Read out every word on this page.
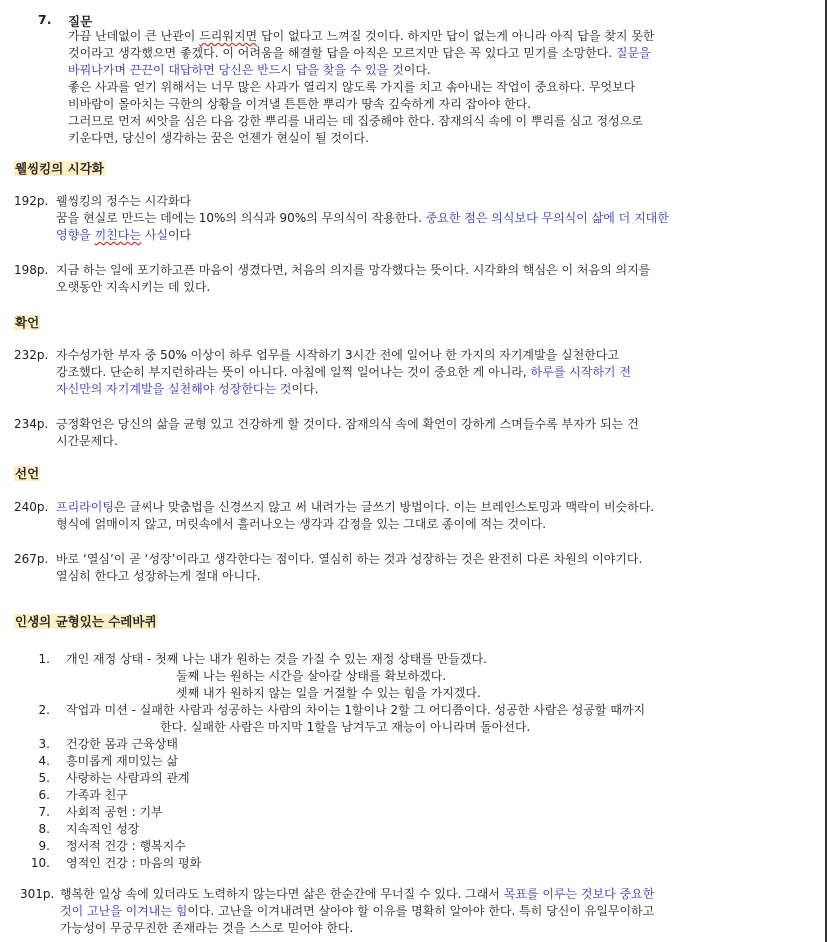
7. 질문
가끔 난데없이 큰 난관이 드리워지면 답이 없다고 느껴질 것이다. 하지만 답이 없는게 아니라 아직 답을 찾지 못한
것이라고 생각했으면 좋겠다. 이 어려움을 해결할 답을 아직은 모르지만 답은 꼭 있다고 믿기를 소망한다. 질문을
바꿔나가며 끈끈이 대답하면 당신은 반드시 답을 찾을 수 있을 것이다.
좋은 사과를 얻기 위해서는 너무 많은 사과가 열리지 않도록 가지를 치고 솎아내는 작업이 중요하다. 무엇보다
비바람이 몰아치는 극한의 상황을 이겨낼 튼튼한 뿌리가 땅속 깊숙하게 자리 잡아야 한다.
그러므로 먼저 씨앗을 심은 다음 강한 뿌리를 내리는 데 집중해야 한다. 잠재의식 속에 이 뿌리를 심고 정성으로
키운다면, 당신이 생각하는 꿈은 언젠가 현실이 될 것이다.
웰씽킹의 시각화
192p. 웰씽킹의 정수는 시각화다
꿈을 현실로 만드는 데에는 10%의 의식과 90%의 무의식이 작용한다. 중요한 점은 의식보다 무의식이 삶에 더 지대한
영향을 끼친다는 사실이다
198p. 지금 하는 일에 포기하고픈 마음이 생겼다면, 처음의 의지를 망각했다는 뜻이다. 시각화의 핵심은 이 처음의 의지를
오랫동안 지속시키는 데 있다.
확언
232p. 자수성가한 부자 중 50% 이상이 하루 업무를 시작하기 3시간 전에 일어나 한 가지의 자기계발을 실천한다고
강조했다. 단순히 부지런하라는 뜻이 아니다. 아침에 일찍 일어나는 것이 중요한 게 아니라, 하루를 시작하기 전
자신만의 자기계발을 실천해야 성장한다는 것이다.
234p. 긍정확언은 당신의 삶을 균형 있고 건강하게 할 것이다. 잠재의식 속에 확언이 강하게 스며들수록 부자가 되는 건
시간문제다.
선언
240p. 프리라이팅은 글씨나 맞춤법을 신경쓰지 않고 써 내려가는 글쓰기 방법이다. 이는 브레인스토밍과 맥락이 비슷하다.
형식에 얽매이지 않고, 머릿속에서 흘러나오는 생각과 감정을 있는 그대로 종이에 적는 것이다.
267p. 바로 ‘열심’이 곧 ‘성장’이라고 생각한다는 점이다. 열심히 하는 것과 성장하는 것은 완전히 다른 차원의 이야기다.
열심히 한다고 성장하는게 절대 아니다.
인생의 균형있는 수레바퀴
1. 개인 재정 상태 - 첫째 나는 내가 원하는 것을 가질 수 있는 재정 상태를 만들겠다.
둘째 나는 원하는 시간을 살아갈 상태를 확보하겠다.
셋째 내가 원하지 않는 일을 거절할 수 있는 힘을 가지겠다.
2. 작업과 미션 - 실패한 사람과 성공하는 사람의 차이는 1할이나 2할 그 어디쯤이다. 성공한 사람은 성공할 때까지
한다. 실패한 사람은 마지막 1할을 남겨두고 재능이 아니라며 돌아선다.
3. 건강한 몸과 근육상태
4. 흥미롭게 재미있는 삶
5. 사랑하는 사람과의 관계
6. 가족과 친구
7. 사회적 공헌 : 기부
8. 지속적인 성장
9. 정서적 건강 : 행복지수
10. 영적인 건강 : 마음의 평화
301p. 행복한 일상 속에 있더라도 노력하지 않는다면 삶은 한순간에 무너질 수 있다. 그래서 목표를 이루는 것보다 중요한
것이 고난을 이겨내는 힘이다. 고난을 이겨내려면 살아야 할 이유를 명확히 알아야 한다. 특히 당신이 유일무이하고
가능성이 무궁무진한 존재라는 것을 스스로 믿어야 한다.
